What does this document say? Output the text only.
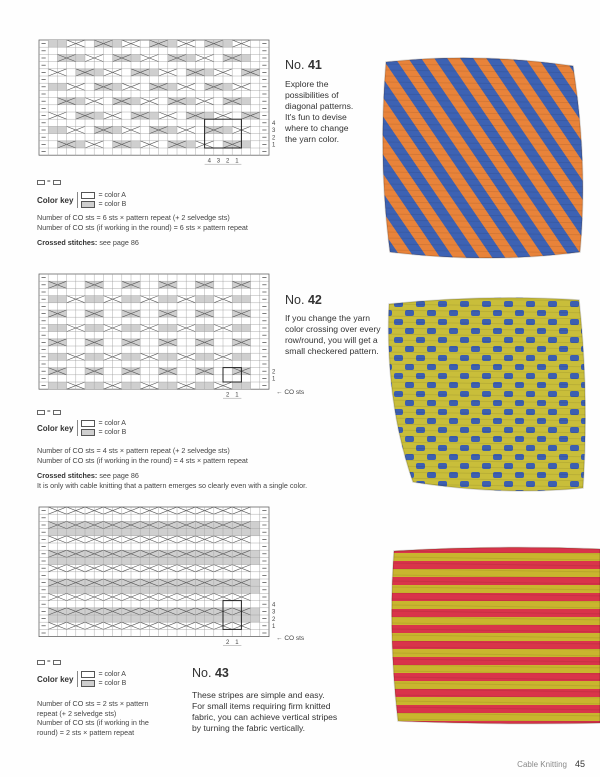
4
3
2
1
4 3 2 1
=
Color key	= color A
= color B
Number of CO sts = 6 sts × pattern repeat (+ 2 selvedge sts)
Number of CO sts (if working in the round) = 6 sts × pattern repeat
Crossed stitches: see page 86
No. 41
Explore the
possibilities of
diagonal patterns.
It's fun to devise
where to change
the yarn color.
2
1
2 1	← CO sts
=
Color key	= color A
= color B
Number of CO sts = 4 sts × pattern repeat (+ 2 selvedge sts)
Number of CO sts (if working in the round) = 4 sts × pattern repeat
Crossed stitches: see page 86
It is only with cable knitting that a pattern emerges so clearly even with a single color.
No. 42
If you change the yarn
color crossing over every
row/round, you will get a
small checkered pattern.
4
3
2
1
2 1
← CO sts
=
Color key	= color A
= color B
Number of CO sts = 2 sts × pattern
repeat (+ 2 selvedge sts)
Number of CO sts (if working in the
round) = 2 sts × pattern repeat
No. 43
These stripes are simple and easy.
For small items requiring firm knitted
fabric, you can achieve vertical stripes
by turning the fabric vertically.
Cable Knitting 45
